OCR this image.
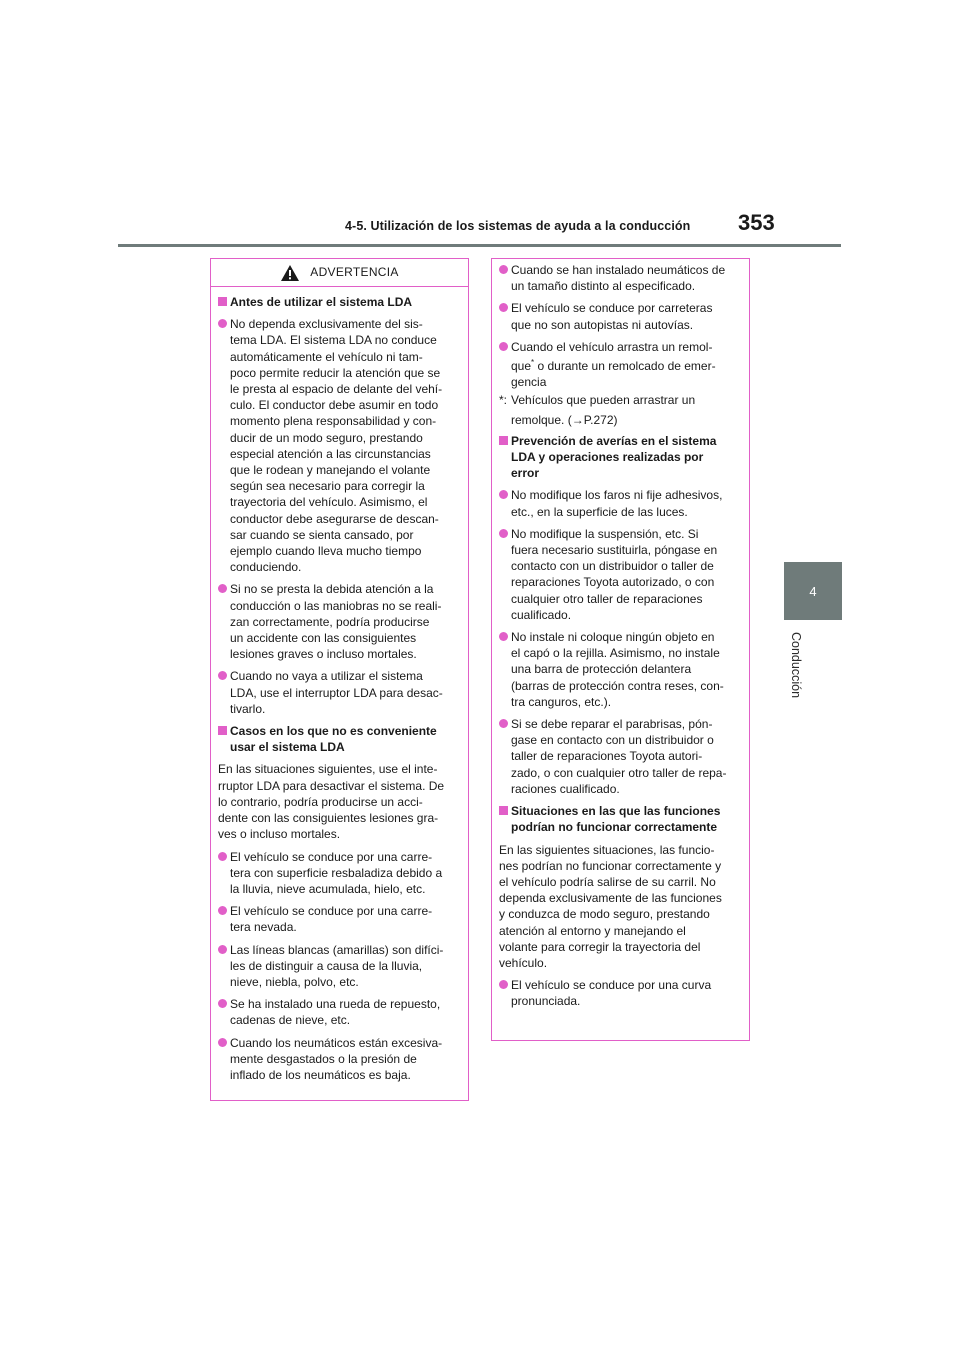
4-5. Utilización de los sistemas de ayuda a la conducción	353
4
Conducción
ADVERTENCIA
Antes de utilizar el sistema LDA
No dependa exclusivamente del sis-
tema LDA. El sistema LDA no conduce
automáticamente el vehículo ni tam-
poco permite reducir la atención que se
le presta al espacio de delante del vehí-
culo. El conductor debe asumir en todo
momento plena responsabilidad y con-
ducir de un modo seguro, prestando
especial atención a las circunstancias
que le rodean y manejando el volante
según sea necesario para corregir la
trayectoria del vehículo. Asimismo, el
conductor debe asegurarse de descan-
sar cuando se sienta cansado, por
ejemplo cuando lleva mucho tiempo
conduciendo.
Si no se presta la debida atención a la
conducción o las maniobras no se reali-
zan correctamente, podría producirse
un accidente con las consiguientes
lesiones graves o incluso mortales.
Cuando no vaya a utilizar el sistema
LDA, use el interruptor LDA para desac-
tivarlo.
Casos en los que no es conveniente
usar el sistema LDA
En las situaciones siguientes, use el inte-
rruptor LDA para desactivar el sistema. De
lo contrario, podría producirse un acci-
dente con las consiguientes lesiones gra-
ves o incluso mortales.
El vehículo se conduce por una carre-
tera con superficie resbaladiza debido a
la lluvia, nieve acumulada, hielo, etc.
El vehículo se conduce por una carre-
tera nevada.
Las líneas blancas (amarillas) son difíci-
les de distinguir a causa de la lluvia,
nieve, niebla, polvo, etc.
Se ha instalado una rueda de repuesto,
cadenas de nieve, etc.
Cuando los neumáticos están excesiva-
mente desgastados o la presión de
inflado de los neumáticos es baja.
Cuando se han instalado neumáticos de
un tamaño distinto al especificado.
El vehículo se conduce por carreteras
que no son autopistas ni autovías.
Cuando el vehículo arrastra un remol-
que* o durante un remolcado de emer-
gencia
*: Vehículos que pueden arrastrar un
remolque. (→P.272)
Prevención de averías en el sistema
LDA y operaciones realizadas por
error
No modifique los faros ni fije adhesivos,
etc., en la superficie de las luces.
No modifique la suspensión, etc. Si
fuera necesario sustituirla, póngase en
contacto con un distribuidor o taller de
reparaciones Toyota autorizado, o con
cualquier otro taller de reparaciones
cualificado.
No instale ni coloque ningún objeto en
el capó o la rejilla. Asimismo, no instale
una barra de protección delantera
(barras de protección contra reses, con-
tra canguros, etc.).
Si se debe reparar el parabrisas, pón-
gase en contacto con un distribuidor o
taller de reparaciones Toyota autori-
zado, o con cualquier otro taller de repa-
raciones cualificado.
Situaciones en las que las funciones
podrían no funcionar correctamente
En las siguientes situaciones, las funcio-
nes podrían no funcionar correctamente y
el vehículo podría salirse de su carril. No
dependa exclusivamente de las funciones
y conduzca de modo seguro, prestando
atención al entorno y manejando el
volante para corregir la trayectoria del
vehículo.
El vehículo se conduce por una curva
pronunciada.
